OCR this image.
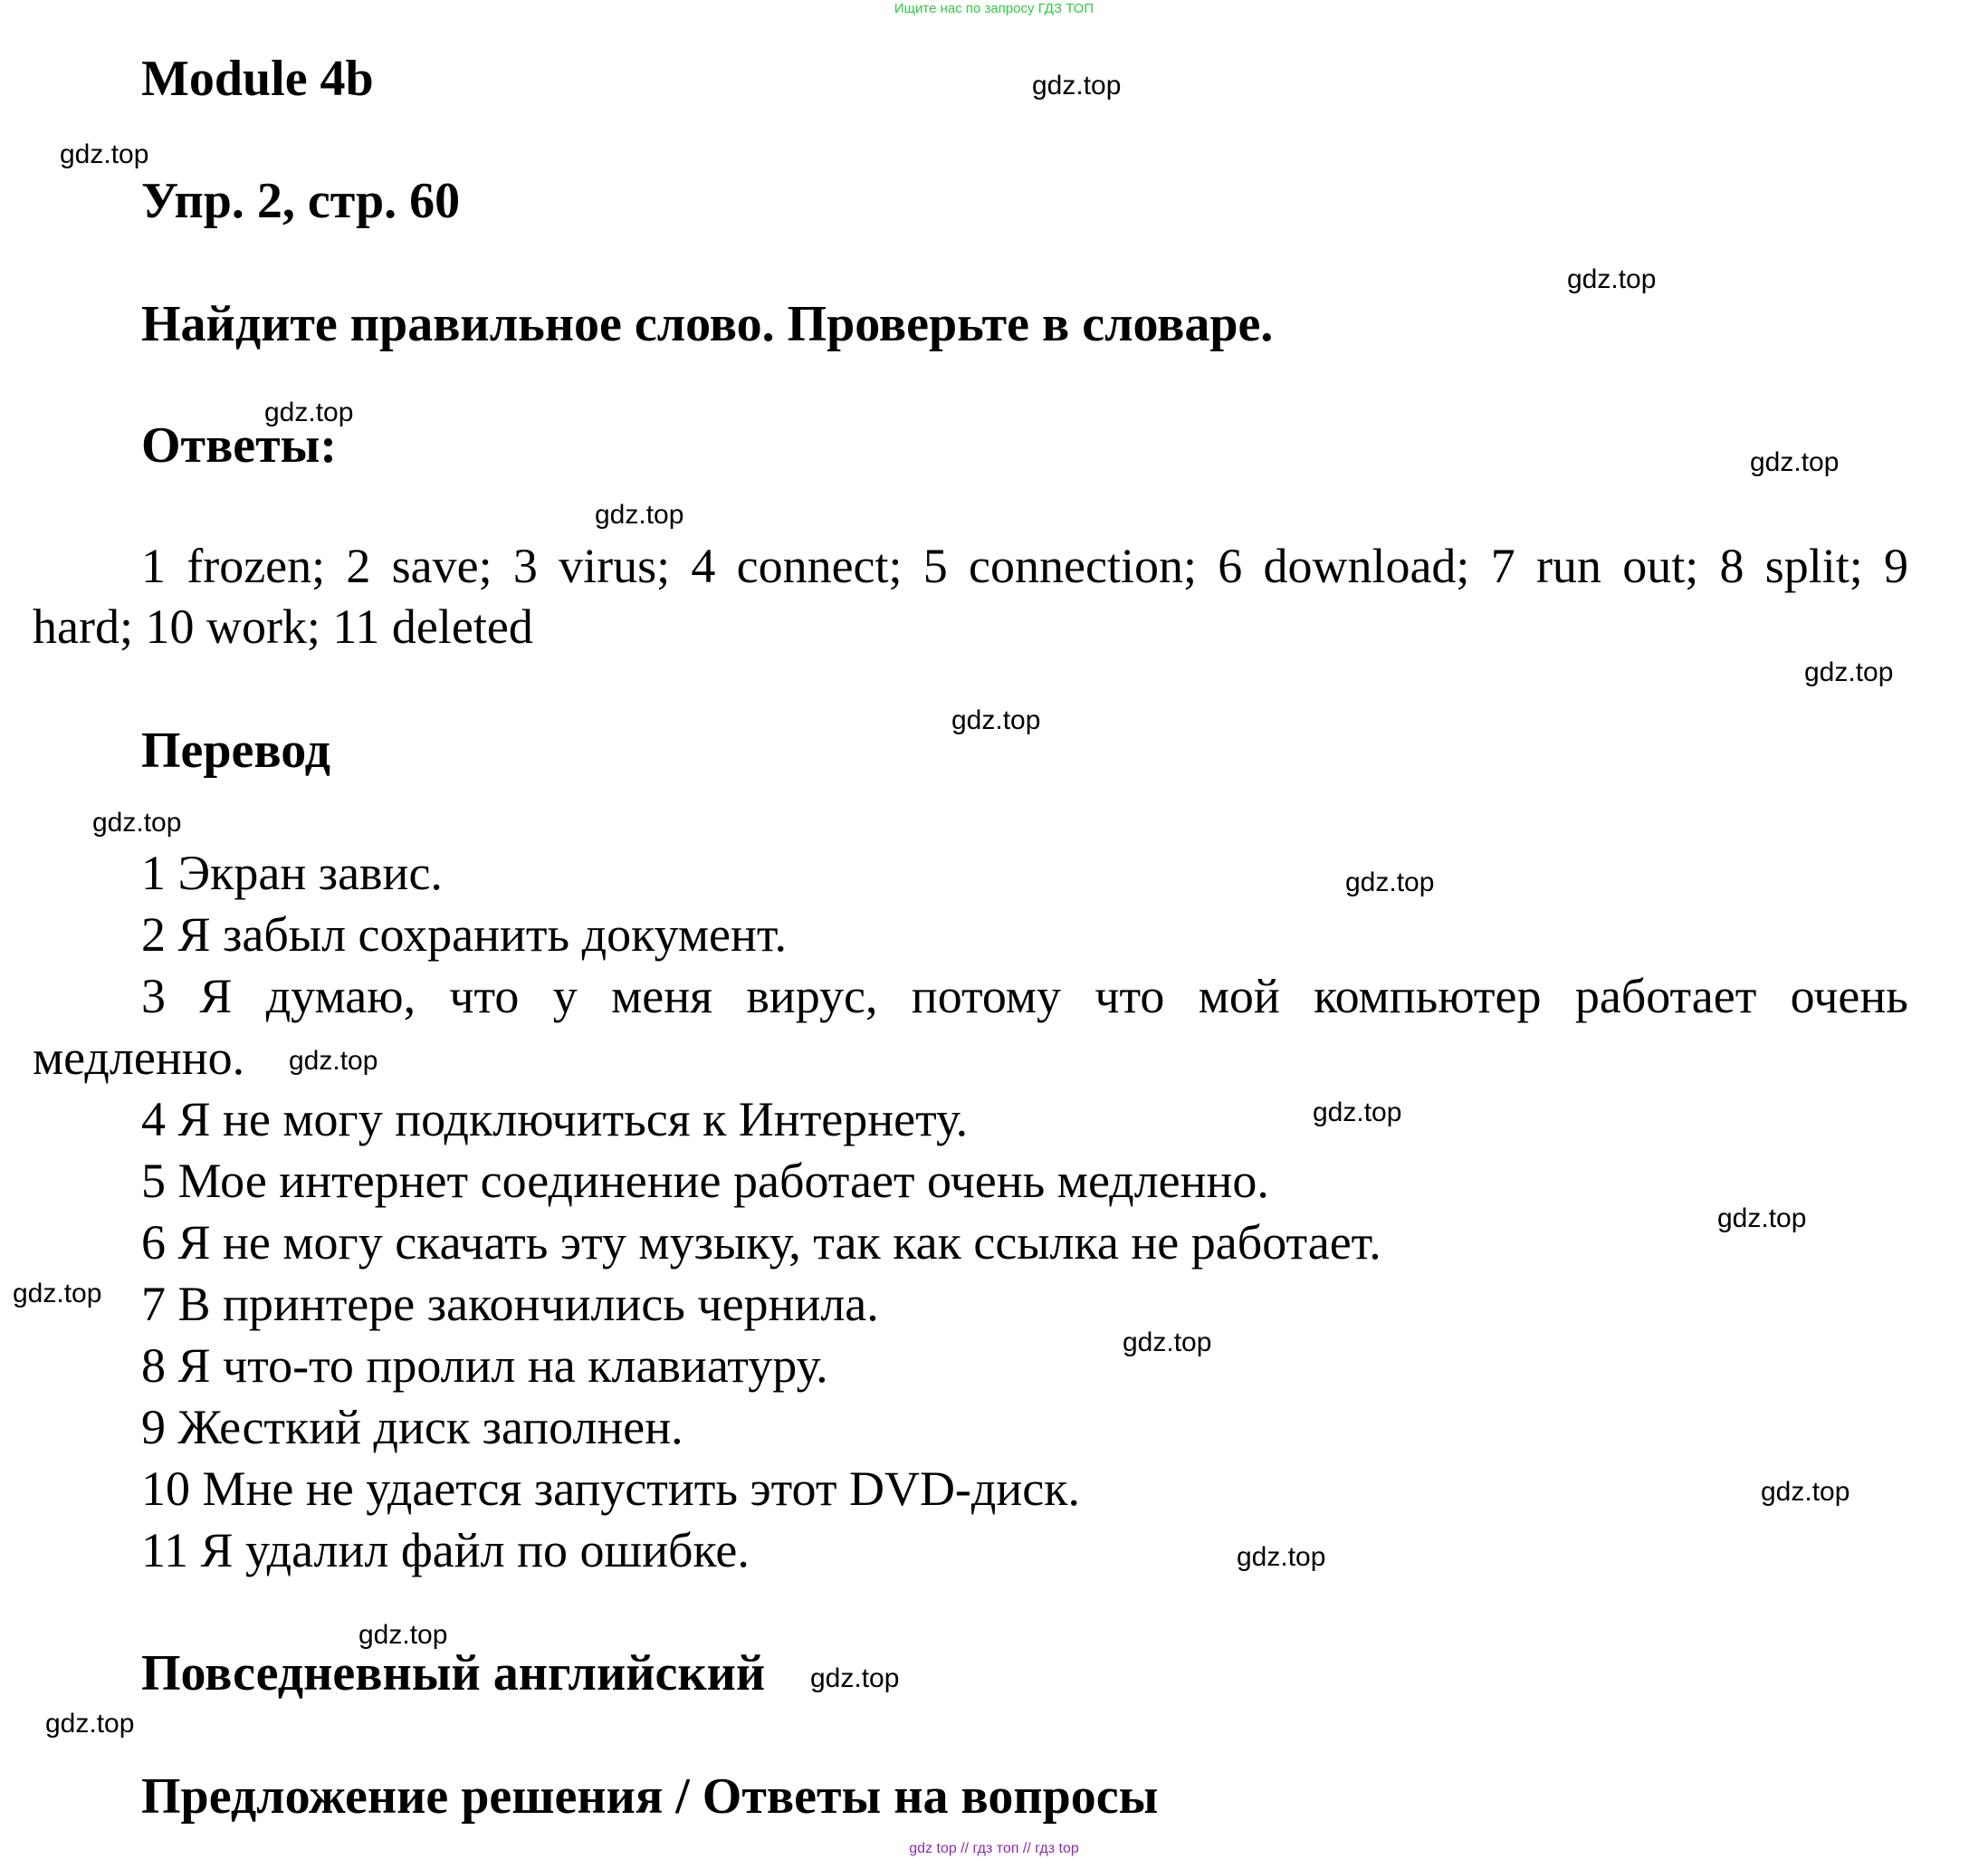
Ищите нас по запросу ГДЗ ТОП
Module 4b
Упр. 2, стр. 60
Найдите правильное слово. Проверьте в словаре.
Ответы:
1 frozen; 2 save; 3 virus; 4 connect; 5 connection; 6 download; 7 run out; 8 split; 9
hard; 10 work; 11 deleted
Перевод
1 Экран завис.
2 Я забыл сохранить документ.
3 Я думаю, что у меня вирус, потому что мой компьютер работает очень
медленно.
4 Я не могу подключиться к Интернету.
5 Мое интернет соединение работает очень медленно.
6 Я не могу скачать эту музыку, так как ссылка не работает.
7 В принтере закончились чернила.
8 Я что-то пролил на клавиатуру.
9 Жесткий диск заполнен.
10 Мне не удается запустить этот DVD-диск.
11 Я удалил файл по ошибке.
Повседневный английский
Предложение решения / Ответы на вопросы
gdz.top
gdz.top
gdz.top
gdz.top
gdz.top
gdz.top
gdz.top
gdz.top
gdz.top
gdz.top
gdz.top
gdz.top
gdz.top
gdz.top
gdz.top
gdz.top
gdz.top
gdz.top
gdz.top
gdz.top
gdz top // гдз топ // гдз top
